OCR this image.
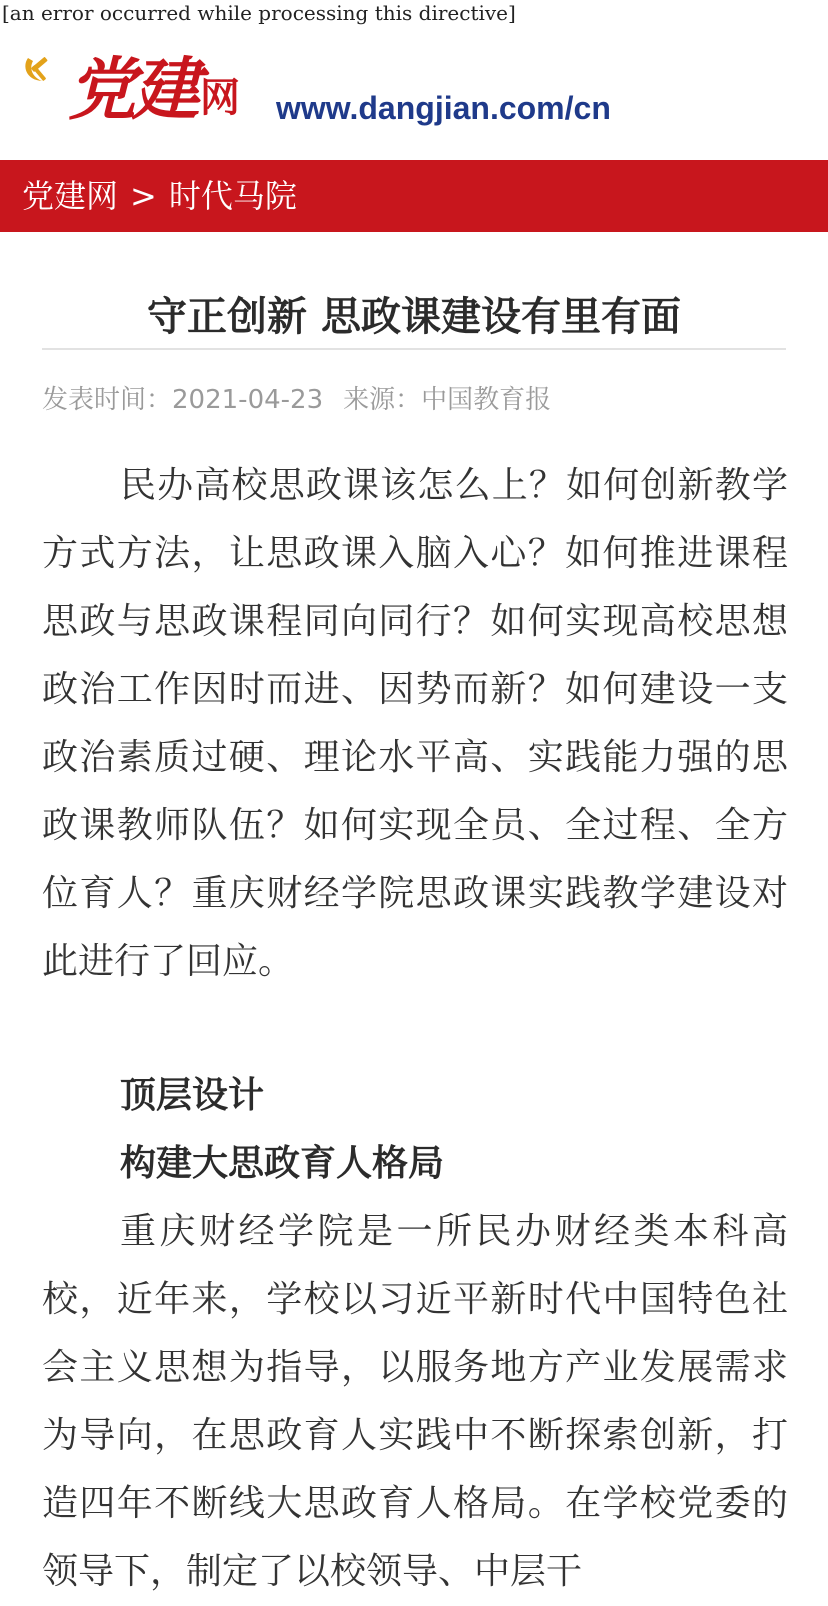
[an error occurred while processing this directive]
党建 网 www.dangjian.com/cn
党建网 > 时代马院
守正创新 思政课建设有里有面
发表时间：2021-04-23 来源：中国教育报

民办高校思政课该怎么上？如何创新教学方式方法，让思政课入脑入心？如何推进课程思政与思政课程同向同行？如何实现高校思想政治工作因时而进、因势而新？如何建设一支政治素质过硬、理论水平高、实践能力强的思政课教师队伍？如何实现全员、全过程、全方位育人？重庆财经学院思政课实践教学建设对此进行了回应。

顶层设计

构建大思政育人格局

重庆财经学院是一所民办财经类本科高校，近年来，学校以习近平新时代中国特色社会主义思想为指导，以服务地方产业发展需求为导向，在思政育人实践中不断探索创新，打造四年不断线大思政育人格局。在学校党委的领导下，制定了以校领导、中层干
